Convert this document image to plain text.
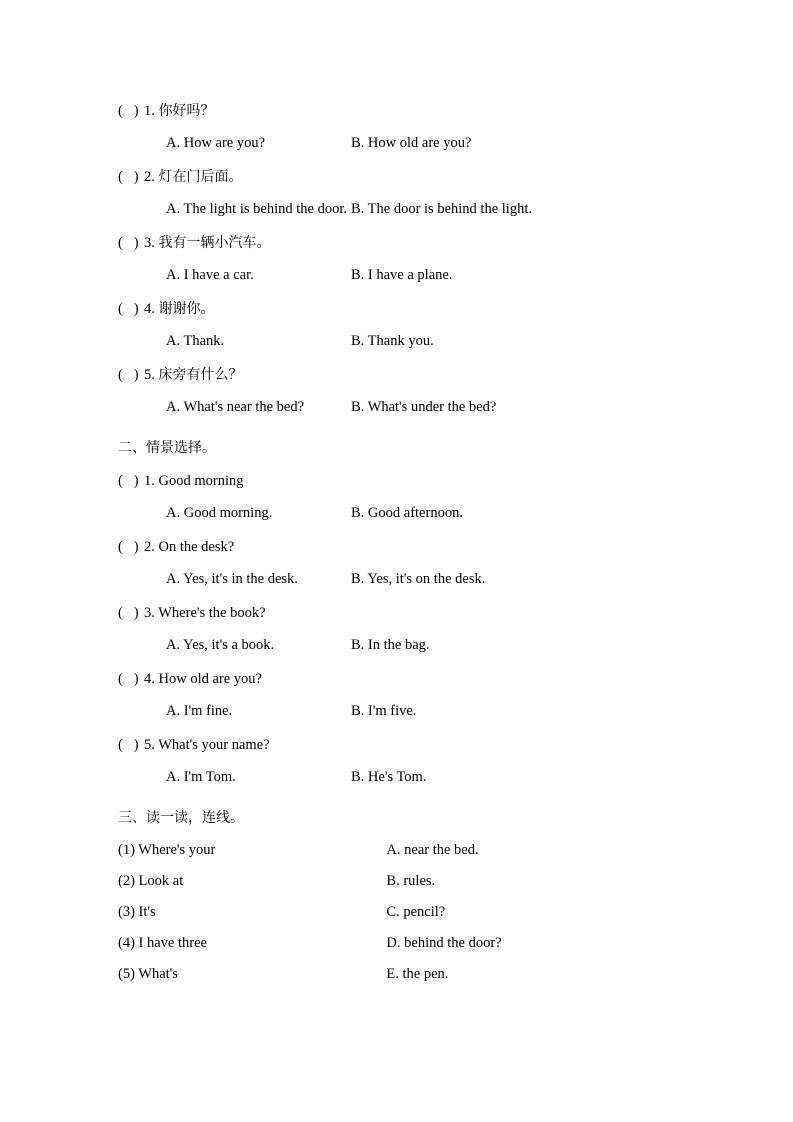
(   ) 1. 你好吗？
A. How are you?	B. How old are you?
(   ) 2. 灯在门后面。
A. The light is behind the door. B. The door is behind the light.
(   ) 3. 我有一辆小汽车。
A. I have a car.	B. I have a plane.
(   ) 4. 谢谢你。
A. Thank.	B. Thank you.
(   ) 5. 床旁有什么？
A. What's near the bed?	B. What's under the bed?
二、情景选择。
(   ) 1. Good morning
A. Good morning.	B. Good afternoon.
(   ) 2. On the desk?
A. Yes, it's in the desk.	B. Yes, it's on the desk.
(   ) 3. Where's the book?
A. Yes, it's a book.	B. In the bag.
(   ) 4. How old are you?
A. I'm fine.	B. I'm five.
(   ) 5. What's your name?
A. I'm Tom.	B. He's Tom.
三、读一读，连线。
(1) Where's your	A. near the bed.
(2) Look at	B. rules.
(3) It's	C. pencil?
(4) I have three	D. behind the door?
(5) What's	E. the pen.
